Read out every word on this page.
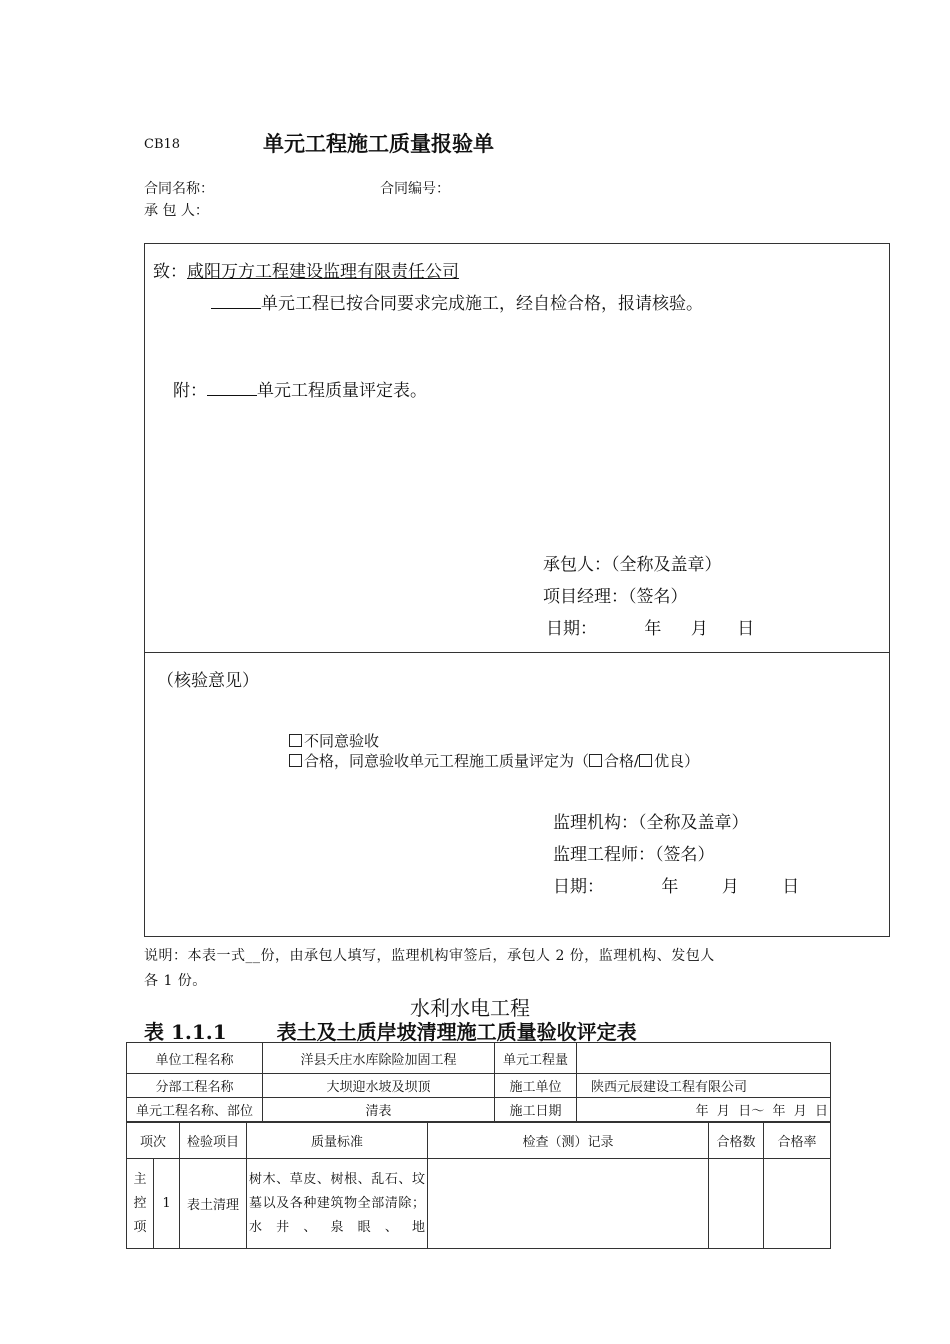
CB18	单元工程施工质量报验单
合同名称：	合同编号：
承 包 人：
致：咸阳万方工程建设监理有限责任公司
单元工程已按合同要求完成施工，经自检合格，报请核验。
附：	单元工程质量评定表。
承包人：（全称及盖章）
项目经理：（签名）
日期：	年 月 日
（核验意见）
不同意验收
合格，同意验收单元工程施工质量评定为（ 合格/ 优良）
监理机构：（全称及盖章）
监理工程师：（签名）
日期：	年	月	日
说明：本表一式__份，由承包人填写，监理机构审签后，承包人 2 份，监理机构、发包人
各 1 份。
水利水电工程
表 1.1.1	表土及土质岸坡清理施工质量验收评定表
单位工程名称	洋县夭庄水库除险加固工程	单元工程量	
分部工程名称	大坝迎水坡及坝顶	施工单位	陕西元辰建设工程有限公司
单元工程名称、部位	清表	施工日期	年  月  日～  年  月  日
项次		检验项目	质量标准	检查（测）记录	合格数	合格率

主
控
项	1	表土清理	树木、草皮、树根、乱石、坟墓以及各种建筑物全部清除；水井、泉眼、地			
